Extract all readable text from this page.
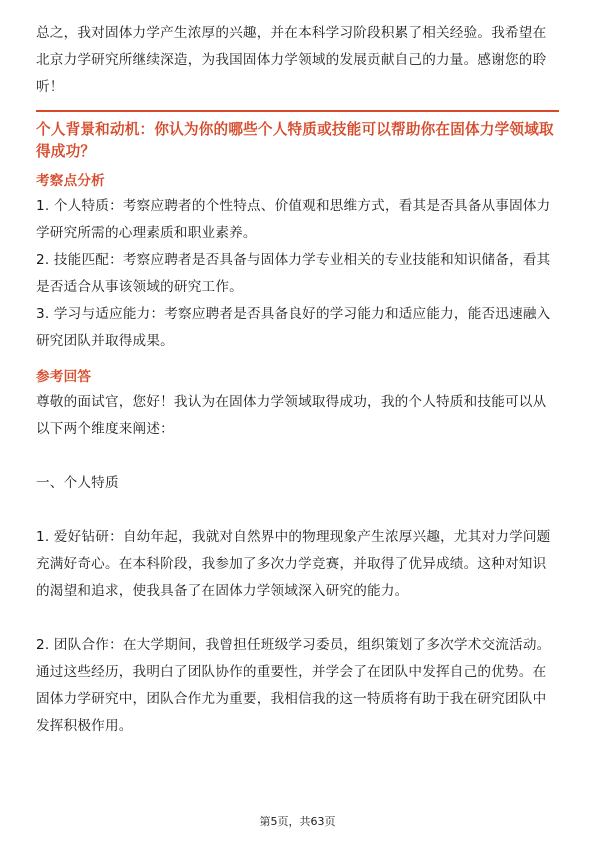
总之，我对固体力学产生浓厚的兴趣，并在本科学习阶段积累了相关经验。我希望在北京力学研究所继续深造，为我国固体力学领域的发展贡献自己的力量。感谢您的聆听！

个人背景和动机：你认为你的哪些个人特质或技能可以帮助你在固体力学领域取得成功？

考察点分析

1. 个人特质：考察应聘者的个性特点、价值观和思维方式，看其是否具备从事固体力学研究所需的心理素质和职业素养。

2. 技能匹配：考察应聘者是否具备与固体力学专业相关的专业技能和知识储备，看其是否适合从事该领域的研究工作。

3. 学习与适应能力：考察应聘者是否具备良好的学习能力和适应能力，能否迅速融入研究团队并取得成果。

参考回答

尊敬的面试官，您好！我认为在固体力学领域取得成功，我的个人特质和技能可以从以下两个维度来阐述：

一、个人特质

1. 爱好钻研：自幼年起，我就对自然界中的物理现象产生浓厚兴趣，尤其对力学问题充满好奇心。在本科阶段，我参加了多次力学竞赛，并取得了优异成绩。这种对知识的渴望和追求，使我具备了在固体力学领域深入研究的能力。

2. 团队合作：在大学期间，我曾担任班级学习委员，组织策划了多次学术交流活动。通过这些经历，我明白了团队协作的重要性，并学会了在团队中发挥自己的优势。在固体力学研究中，团队合作尤为重要，我相信我的这一特质将有助于我在研究团队中发挥积极作用。

第5页，共63页
